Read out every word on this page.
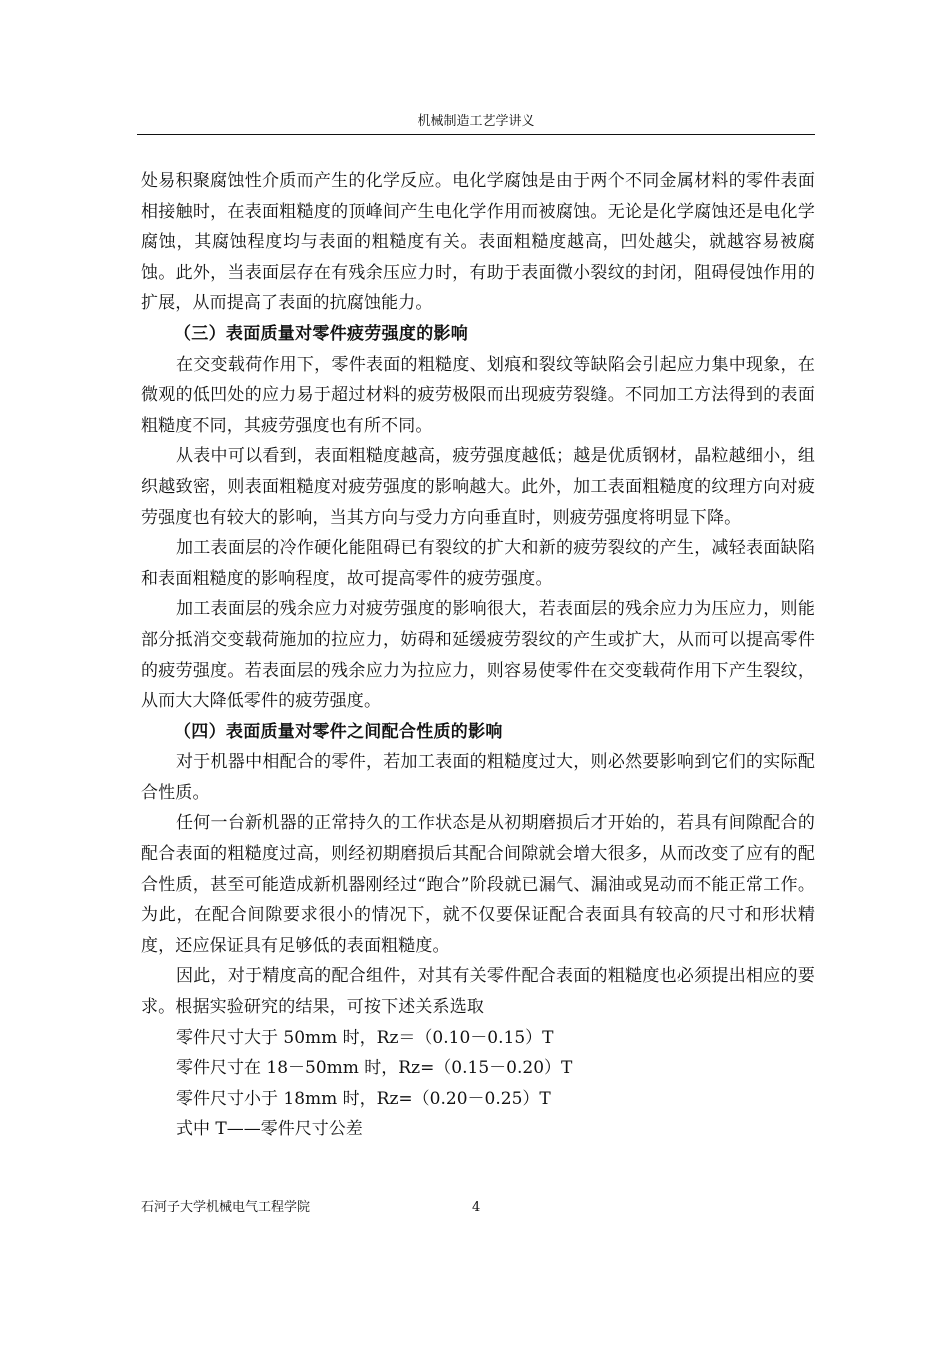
机械制造工艺学讲义

处易积聚腐蚀性介质而产生的化学反应。电化学腐蚀是由于两个不同金属材料的零件表面相接触时，在表面粗糙度的顶峰间产生电化学作用而被腐蚀。无论是化学腐蚀还是电化学腐蚀，其腐蚀程度均与表面的粗糙度有关。表面粗糙度越高，凹处越尖，就越容易被腐蚀。此外，当表面层存在有残余压应力时，有助于表面微小裂纹的封闭，阻碍侵蚀作用的扩展，从而提高了表面的抗腐蚀能力。

（三）表面质量对零件疲劳强度的影响

在交变载荷作用下，零件表面的粗糙度、划痕和裂纹等缺陷会引起应力集中现象，在微观的低凹处的应力易于超过材料的疲劳极限而出现疲劳裂缝。不同加工方法得到的表面粗糙度不同，其疲劳强度也有所不同。

从表中可以看到，表面粗糙度越高，疲劳强度越低；越是优质钢材，晶粒越细小，组织越致密，则表面粗糙度对疲劳强度的影响越大。此外，加工表面粗糙度的纹理方向对疲劳强度也有较大的影响，当其方向与受力方向垂直时，则疲劳强度将明显下降。

加工表面层的冷作硬化能阻碍已有裂纹的扩大和新的疲劳裂纹的产生，减轻表面缺陷和表面粗糙度的影响程度，故可提高零件的疲劳强度。

加工表面层的残余应力对疲劳强度的影响很大，若表面层的残余应力为压应力，则能部分抵消交变载荷施加的拉应力，妨碍和延缓疲劳裂纹的产生或扩大，从而可以提高零件的疲劳强度。若表面层的残余应力为拉应力，则容易使零件在交变载荷作用下产生裂纹，从而大大降低零件的疲劳强度。

（四）表面质量对零件之间配合性质的影响

对于机器中相配合的零件，若加工表面的粗糙度过大，则必然要影响到它们的实际配合性质。

任何一台新机器的正常持久的工作状态是从初期磨损后才开始的，若具有间隙配合的配合表面的粗糙度过高，则经初期磨损后其配合间隙就会增大很多，从而改变了应有的配合性质，甚至可能造成新机器刚经过“跑合”阶段就已漏气、漏油或晃动而不能正常工作。为此，在配合间隙要求很小的情况下，就不仅要保证配合表面具有较高的尺寸和形状精度，还应保证具有足够低的表面粗糙度。

因此，对于精度高的配合组件，对其有关零件配合表面的粗糙度也必须提出相应的要求。根据实验研究的结果，可按下述关系选取

零件尺寸大于 50mm 时，Rz＝（0.10－0.15）T

零件尺寸在 18－50mm 时，Rz=（0.15－0.20）T

零件尺寸小于 18mm 时，Rz=（0.20－0.25）T

式中 T——零件尺寸公差

石河子大学机械电气工程学院	4
